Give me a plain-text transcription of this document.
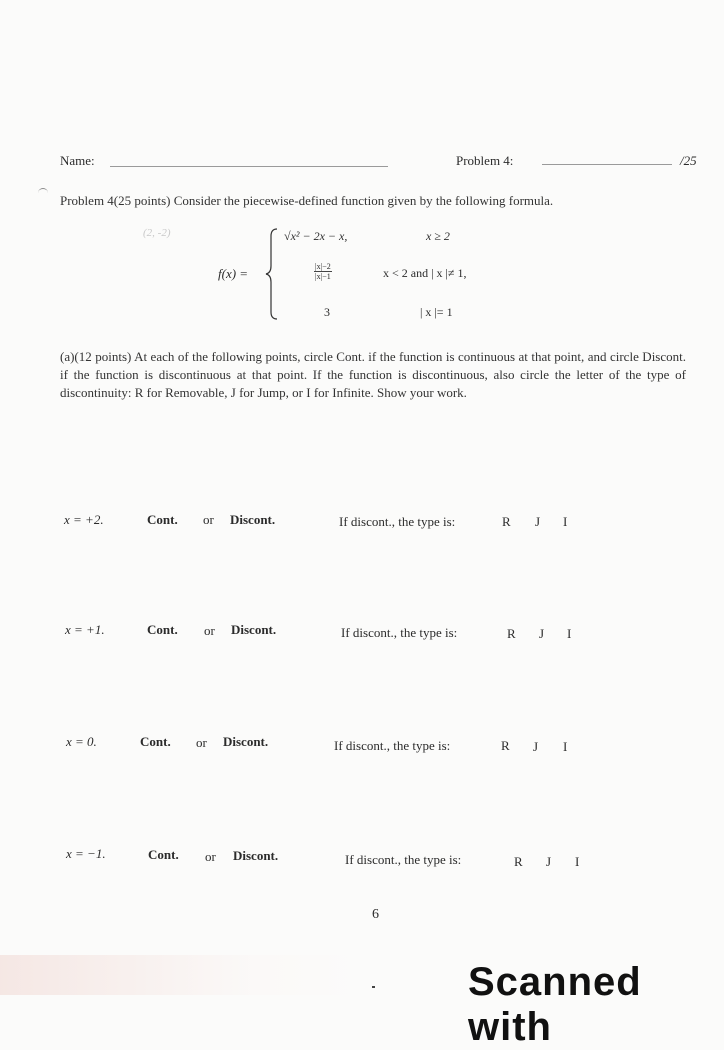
Name:	Problem 4:	/25
Problem 4(25 points) Consider the piecewise-defined function given by the following formula.
(2, -2)
f(x) =
√x² − 2x − x,	x ≥ 2
$\frac{|x|-2}{|x|-1}$	x < 2 and | x |≠ 1,
3	| x |= 1
(a)(12 points) At each of the following points, circle Cont. if the function is continuous at that point, and circle Discont. if the function is discontinuous at that point. If the function is discontinuous, also circle the letter of the type of discontinuity: R for Removable, J for Jump, or I for Infinite. Show your work.
x = +2.	Cont. or Discont.	If discont., the type is:	R J I
x = +1.	Cont. or Discont.	If discont., the type is:	R J I
x = 0.	Cont. or Discont.	If discont., the type is:	R J I
x = −1.	Cont. or Discont.	If discont., the type is:	R J I
6
Scanned with
